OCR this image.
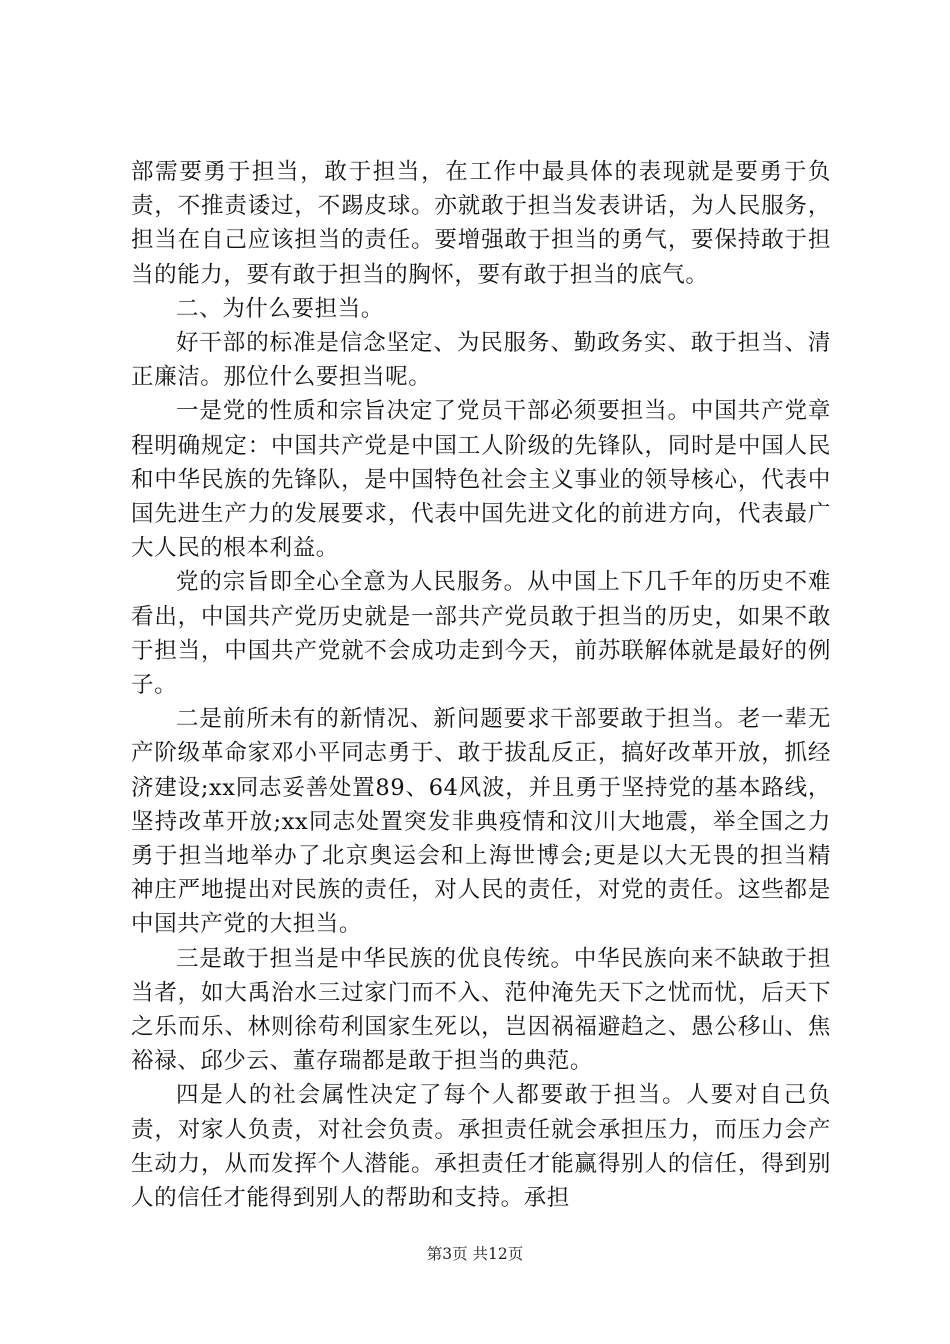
部需要勇于担当，敢于担当，在工作中最具体的表现就是要勇于负责，不推责诿过，不踢皮球。亦就敢于担当发表讲话，为人民服务，担当在自己应该担当的责任。要增强敢于担当的勇气，要保持敢于担当的能力，要有敢于担当的胸怀，要有敢于担当的底气。

二、为什么要担当。

好干部的标准是信念坚定、为民服务、勤政务实、敢于担当、清正廉洁。那位什么要担当呢。

一是党的性质和宗旨决定了党员干部必须要担当。中国共产党章程明确规定：中国共产党是中国工人阶级的先锋队，同时是中国人民和中华民族的先锋队，是中国特色社会主义事业的领导核心，代表中国先进生产力的发展要求，代表中国先进文化的前进方向，代表最广大人民的根本利益。

党的宗旨即全心全意为人民服务。从中国上下几千年的历史不难看出，中国共产党历史就是一部共产党员敢于担当的历史，如果不敢于担当，中国共产党就不会成功走到今天，前苏联解体就是最好的例子。

二是前所未有的新情况、新问题要求干部要敢于担当。老一辈无产阶级革命家邓小平同志勇于、敢于拔乱反正，搞好改革开放，抓经济建设;xx同志妥善处置89、64风波，并且勇于坚持党的基本路线，坚持改革开放;xx同志处置突发非典疫情和汶川大地震，举全国之力勇于担当地举办了北京奥运会和上海世博会;更是以大无畏的担当精神庄严地提出对民族的责任，对人民的责任，对党的责任。这些都是中国共产党的大担当。

三是敢于担当是中华民族的优良传统。中华民族向来不缺敢于担当者，如大禹治水三过家门而不入、范仲淹先天下之忧而忧，后天下之乐而乐、林则徐苟利国家生死以，岂因祸福避趋之、愚公移山、焦裕禄、邱少云、董存瑞都是敢于担当的典范。

四是人的社会属性决定了每个人都要敢于担当。人要对自己负责，对家人负责，对社会负责。承担责任就会承担压力，而压力会产生动力，从而发挥个人潜能。承担责任才能赢得别人的信任，得到别人的信任才能得到别人的帮助和支持。承担

第3页 共12页
